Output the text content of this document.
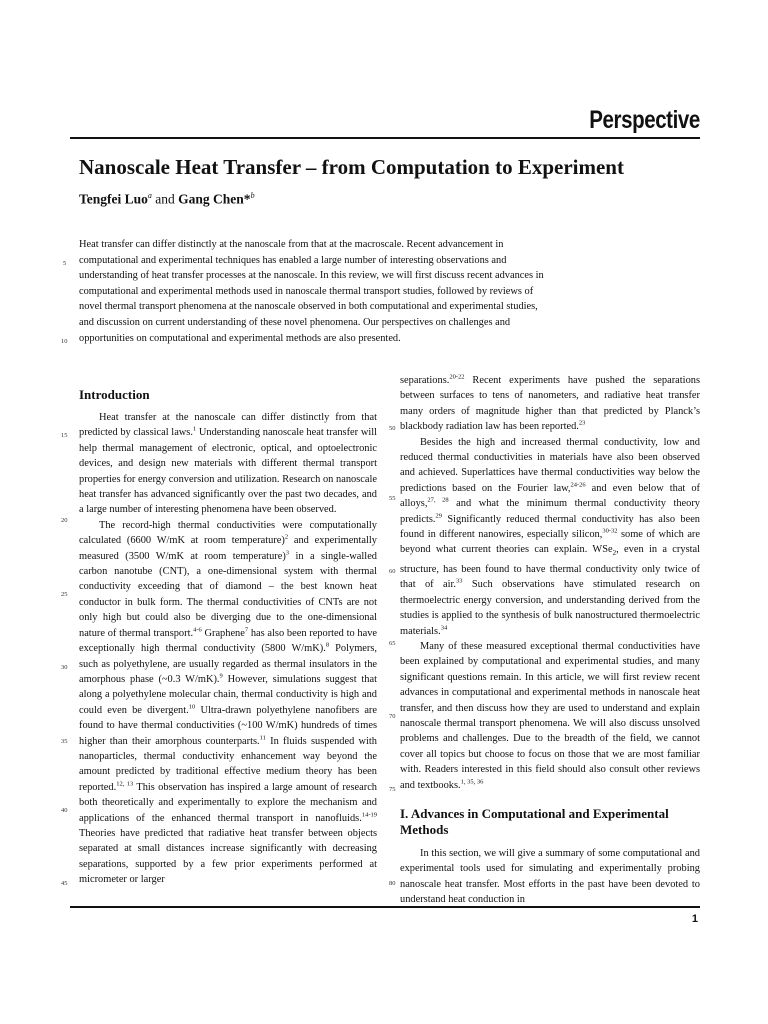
Perspective
Nanoscale Heat Transfer – from Computation to Experiment
Tengfei Luo$^a$ and Gang Chen*$^b$
Heat transfer can differ distinctly at the nanoscale from that at the macroscale. Recent advancement in computational and experimental techniques has enabled a large number of interesting observations and understanding of heat transfer processes at the nanoscale. In this review, we will first discuss recent advances in computational and experimental methods used in nanoscale thermal transport studies, followed by reviews of novel thermal transport phenomena at the nanoscale observed in both computational and experimental studies, and discussion on current understanding of these novel phenomena. Our perspectives on challenges and opportunities on computational and experimental methods are also presented.
Introduction

Heat transfer at the nanoscale can differ distinctly from that predicted by classical laws.$^1$ Understanding nanoscale heat transfer will help thermal management of electronic, optical, and optoelectronic devices, and design new materials with different thermal transport properties for energy conversion and utilization. Research on nanoscale heat transfer has advanced significantly over the past two decades, and a large number of interesting phenomena have been observed.

The record-high thermal conductivities were computationally calculated (6600 W/mK at room temperature)$^2$ and experimentally measured (3500 W/mK at room temperature)$^3$ in a single-walled carbon nanotube (CNT), a one-dimensional system with thermal conductivity exceeding that of diamond – the best known heat conductor in bulk form. The thermal conductivities of CNTs are not only high but could also be diverging due to the one-dimensional nature of thermal transport.$^{4-6}$ Graphene$^7$ has also been reported to have exceptionally high thermal conductivity (5800 W/mK).$^8$ Polymers, such as polyethylene, are usually regarded as thermal insulators in the amorphous phase (~0.3 W/mK).$^9$ However, simulations suggest that along a polyethylene molecular chain, thermal conductivity is high and could even be divergent.$^{10}$ Ultra-drawn polyethylene nanofibers are found to have thermal conductivities (~100 W/mK) hundreds of times higher than their amorphous counterparts.$^{11}$ In fluids suspended with nanoparticles, thermal conductivity enhancement way beyond the amount predicted by traditional effective medium theory has been reported.$^{12, 13}$ This observation has inspired a large amount of research both theoretically and experimentally to explore the mechanism and applications of the enhanced thermal transport in nanofluids.$^{14-19}$ Theories have predicted that radiative heat transfer between objects separated at small distances increase significantly with decreasing separations, supported by a few prior experiments performed at micrometer or larger

separations.$^{20-22}$ Recent experiments have pushed the separations between surfaces to tens of nanometers, and radiative heat transfer many orders of magnitude higher than that predicted by Planck’s blackbody radiation law has been reported.$^{23}$

Besides the high and increased thermal conductivity, low and reduced thermal conductivities in materials have also been observed and achieved. Superlattices have thermal conductivities way below the predictions based on the Fourier law,$^{24-26}$ and even below that of alloys,$^{27, 28}$ and what the minimum thermal conductivity theory predicts.$^{29}$ Significantly reduced thermal conductivity has also been found in different nanowires, especially silicon,$^{30-32}$ some of which are beyond what current theories can explain. WSe$_2$, even in a crystal structure, has been found to have thermal conductivity only twice of that of air.$^{33}$ Such observations have stimulated research on thermoelectric energy conversion, and understanding derived from the studies is applied to the synthesis of bulk nanostructured thermoelectric materials.$^{34}$

Many of these measured exceptional thermal conductivities have been explained by computational and experimental studies, and many significant questions remain. In this article, we will first review recent advances in computational and experimental methods in nanoscale heat transfer, and then discuss how they are used to understand and explain nanoscale thermal transport phenomena. We will also discuss unsolved problems and challenges. Due to the breadth of the field, we cannot cover all topics but choose to focus on those that we are most familiar with. Readers interested in this field should also consult other reviews and textbooks.$^{1, 35, 36}$

I. Advances in Computational and Experimental Methods

In this section, we will give a summary of some computational and experimental tools used for simulating and experimentally probing nanoscale heat transfer. Most efforts in the past have been devoted to understand heat conduction in

5
10
15
20
25
30
35
40
45
50
55
60
65
70
75
80
1
